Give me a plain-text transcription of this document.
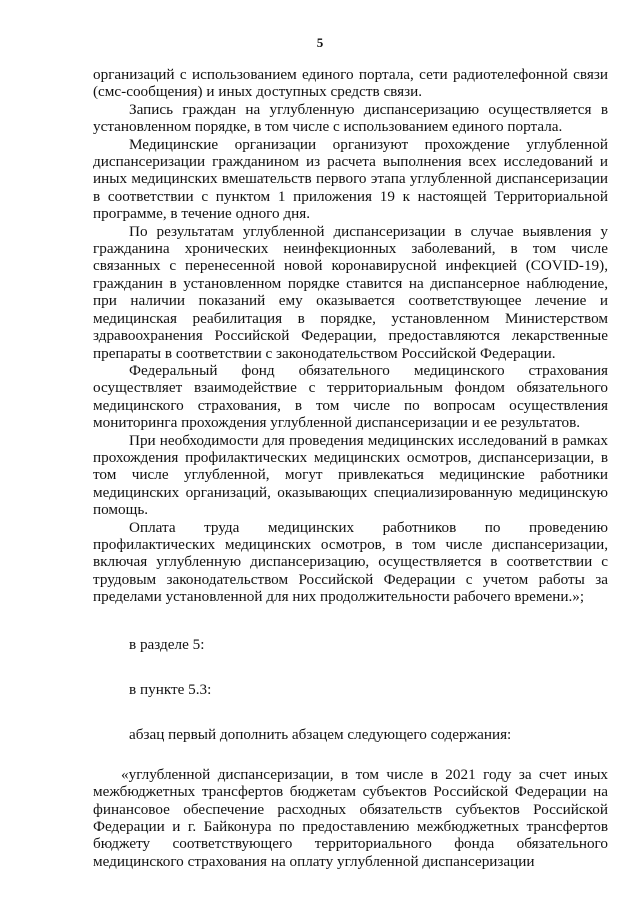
5

организаций с использованием единого портала, сети радиотелефонной связи (смс-сообщения) и иных доступных средств связи.

Запись граждан на углубленную диспансеризацию осуществляется в установленном порядке, в том числе с использованием единого портала.

Медицинские организации организуют прохождение углубленной диспансеризации гражданином из расчета выполнения всех исследований и иных медицинских вмешательств первого этапа углубленной диспансеризации в соответствии с пунктом 1 приложения 19 к настоящей Территориальной программе, в течение одного дня.

По результатам углубленной диспансеризации в случае выявления у гражданина хронических неинфекционных заболеваний, в том числе связанных с перенесенной новой коронавирусной инфекцией (COVID-19), гражданин в установленном порядке ставится на диспансерное наблюдение, при наличии показаний ему оказывается соответствующее лечение и медицинская реабилитация в порядке, установленном Министерством здравоохранения Российской Федерации, предоставляются лекарственные препараты в соответствии с законодательством Российской Федерации.

Федеральный фонд обязательного медицинского страхования осуществляет взаимодействие с территориальным фондом обязательного медицинского страхования, в том числе по вопросам осуществления мониторинга прохождения углубленной диспансеризации и ее результатов.

При необходимости для проведения медицинских исследований в рамках прохождения профилактических медицинских осмотров, диспансеризации, в том числе углубленной, могут привлекаться медицинские работники медицинских организаций, оказывающих специализированную медицинскую помощь.

Оплата труда медицинских работников по проведению профилактических медицинских осмотров, в том числе диспансеризации, включая углубленную диспансеризацию, осуществляется в соответствии с трудовым законодательством Российской Федерации с учетом работы за пределами установленной для них продолжительности рабочего времени.»;

в разделе 5:

в пункте 5.3:

абзац первый дополнить абзацем следующего содержания:

«углубленной диспансеризации, в том числе в 2021 году за счет иных межбюджетных трансфертов бюджетам субъектов Российской Федерации на финансовое обеспечение расходных обязательств субъектов Российской Федерации и г. Байконура по предоставлению межбюджетных трансфертов бюджету соответствующего территориального фонда обязательного медицинского страхования на оплату углубленной диспансеризации
